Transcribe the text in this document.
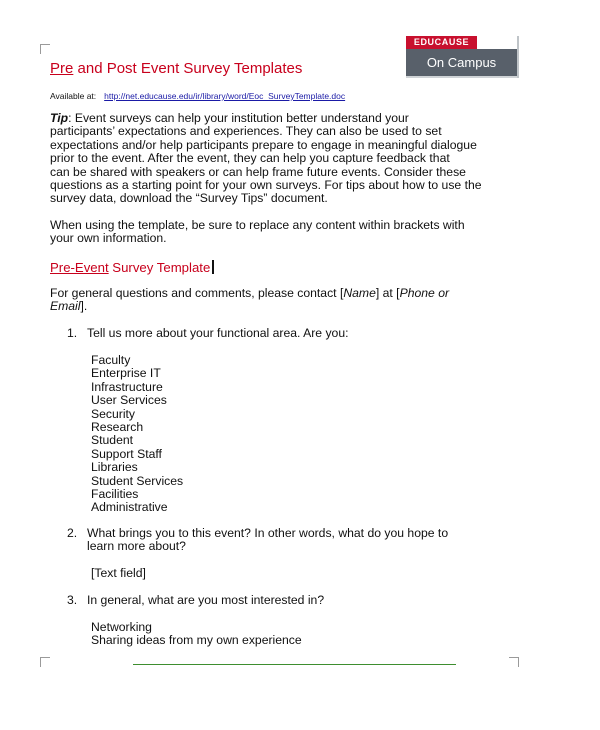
EDUCAUSE
On Campus
Pre and Post Event Survey Templates
Available at: http://net.educause.edu/ir/library/word/Eoc_SurveyTemplate.doc
Tip: Event surveys can help your institution better understand your
participants’ expectations and experiences. They can also be used to set
expectations and/or help participants prepare to engage in meaningful dialogue
prior to the event. After the event, they can help you capture feedback that
can be shared with speakers or can help frame future events. Consider these
questions as a starting point for your own surveys. For tips about how to use the
survey data, download the “Survey Tips” document.
When using the template, be sure to replace any content within brackets with
your own information.
Pre-Event Survey Template
For general questions and comments, please contact [Name] at [Phone or
Email].
1. Tell us more about your functional area. Are you:
Faculty
Enterprise IT
Infrastructure
User Services
Security
Research
Student
Support Staff
Libraries
Student Services
Facilities
Administrative
2. What brings you to this event? In other words, what do you hope to
learn more about?
[Text field]
3. In general, what are you most interested in?
Networking
Sharing ideas from my own experience
